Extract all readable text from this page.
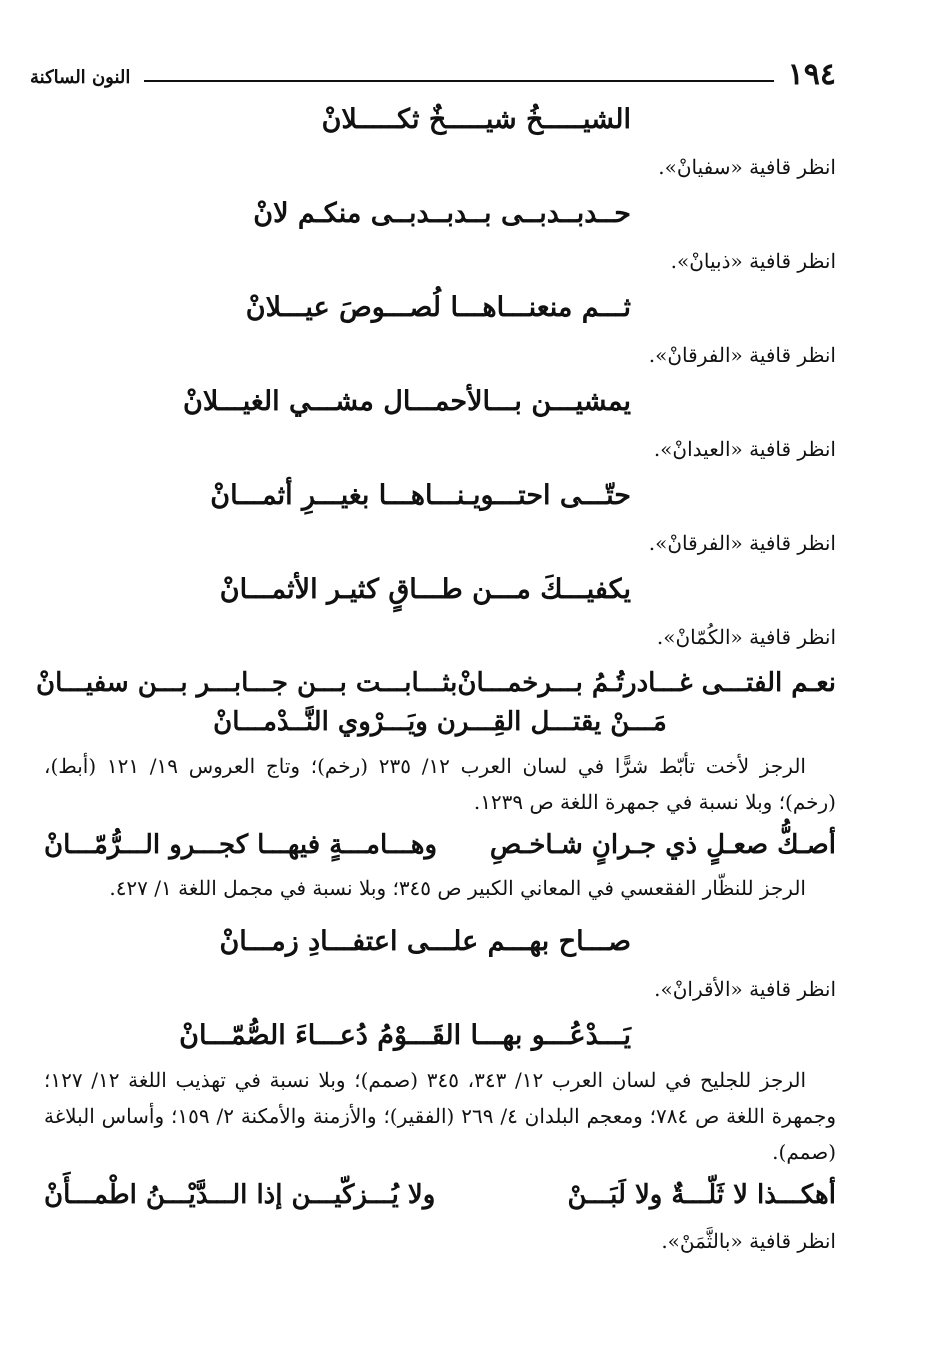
١٩٤
النون الساكنة
الشيـــــخُ شيـــــخٌ ثكـــــلانْ
انظر قافية «سفيانْ».
حــدبــدبــى بــدبــدبــى منكـم لانْ
انظر قافية «ذبيانْ».
ثـــم منعنـــاهـــا لُصـــوصَ عيـــلانْ
انظر قافية «الفرقانْ».
يمشيـــن بـــالأحمـــال مشـــي الغيـــلانْ
انظر قافية «العيدانْ».
حتّـــى احتـــويـنـــاهـــا بغيـــرِ أثمـــانْ
انظر قافية «الفرقانْ».
يكفيـــكَ مـــن طـــاقٍ كثيـر الأثمـــانْ
انظر قافية «الكُمّانْ».
نعـم الفتـــى غـــادرتُـمُ بـــرخمـــانْ
بثـــابـــت بـــن جـــابـــر بـــن سفيـــانْ
مَـــنْ يقتـــل القِـــرن ويَـــرْوي النَّــدْمـــانْ
الرجز لأخت تأبّط شرًّا في لسان العرب ١٢/ ٢٣٥ (رخم)؛ وتاج العروس ١٩/ ١٢١ (أبط)، (رخم)؛ وبلا نسبة في جمهرة اللغة ص ١٢٣٩.
أصـكُّ صعـلٍ ذي جـرانٍ شـاخـصِ
وهـــامـــةٍ فيهـــا كجـــرو الـــرُّمّـــانْ
الرجز للنظّار الفقعسي في المعاني الكبير ص ٣٤٥؛ وبلا نسبة في مجمل اللغة ١/ ٤٢٧.
صـــاح بهـــم علـــى اعتفـــادِ زمـــانْ
انظر قافية «الأقرانْ».
يَـــدْعُـــو بهـــا القَـــوْمُ دُعـــاءَ الصُّمّـــانْ
الرجز للجليح في لسان العرب ١٢/ ٣٤٣، ٣٤٥ (صمم)؛ وبلا نسبة في تهذيب اللغة ١٢/ ١٢٧؛ وجمهرة اللغة ص ٧٨٤؛ ومعجم البلدان ٤/ ٢٦٩ (الفقير)؛ والأزمنة والأمكنة ٢/ ١٥٩؛ وأساس البلاغة (صمم).
أهكـــذا لا ثَلّـــةٌ ولا لَبَـــنْ
ولا يُـــزكّيـــن إذا الـــدَّيْـــنُ اطْمـــأَنْ
انظر قافية «بالثَّمَنْ».
